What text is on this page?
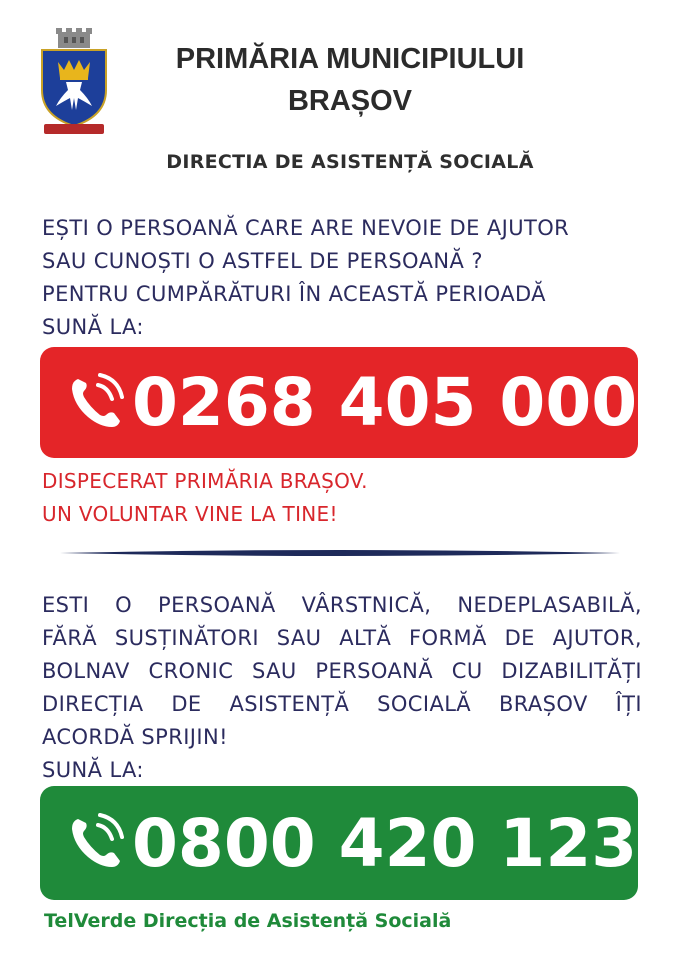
PRIMĂRIA MUNICIPIULUI
BRAȘOV
DIRECTIA DE ASISTENȚĂ SOCIALĂ
EȘTI O PERSOANĂ CARE ARE NEVOIE DE AJUTOR
SAU CUNOȘTI O ASTFEL DE PERSOANĂ ?
PENTRU CUMPĂRĂTURI ÎN ACEASTĂ PERIOADĂ
SUNĂ LA:
0268 405 000
DISPECERAT PRIMĂRIA BRAȘOV.
UN VOLUNTAR VINE LA TINE!
ESTI O PERSOANĂ VÂRSTNICĂ, NEDEPLASABILĂ,
FĂRĂ SUSȚINĂTORI SAU ALTĂ FORMĂ DE AJUTOR,
BOLNAV CRONIC SAU PERSOANĂ CU DIZABILITĂȚI
DIRECȚIA DE ASISTENȚĂ SOCIALĂ BRAȘOV ÎȚI
ACORDĂ SPRIJIN!
SUNĂ LA:
0800 420 123
TelVerde Direcția de Asistență Socială
